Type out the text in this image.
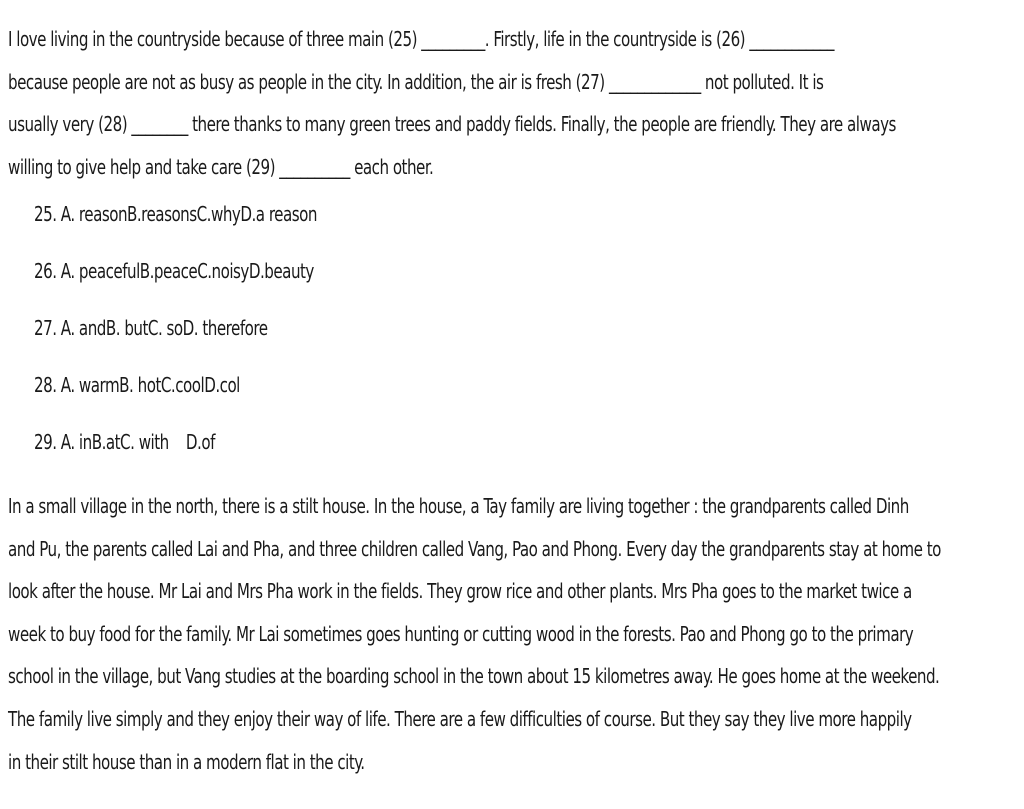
I love living in the countryside because of three main (25) _________. Firstly, life in the countryside is (26) ____________
because people are not as busy as people in the city. In addition, the air is fresh (27) _____________ not polluted. It is
usually very (28) ________ there thanks to many green trees and paddy fields. Finally, the people are friendly. They are always
willing to give help and take care (29) __________ each other.

25. A. reasonB.reasonsC.whyD.a reason
26. A. peacefulB.peaceC.noisyD.beauty
27. A. andB. butC. soD. therefore
28. A. warmB. hotC.coolD.col
29. A. inB.atC. with    D.of

In a small village in the north, there is a stilt house. In the house, a Tay family are living together : the grandparents called Dinh
and Pu, the parents called Lai and Pha, and three children called Vang, Pao and Phong. Every day the grandparents stay at home to
look after the house. Mr Lai and Mrs Pha work in the fields. They grow rice and other plants. Mrs Pha goes to the market twice a
week to buy food for the family. Mr Lai sometimes goes hunting or cutting wood in the forests. Pao and Phong go to the primary
school in the village, but Vang studies at the boarding school in the town about 15 kilometres away. He goes home at the weekend.
The family live simply and they enjoy their way of life. There are a few difficulties of course. But they say they live more happily
in their stilt house than in a modern flat in the city.
